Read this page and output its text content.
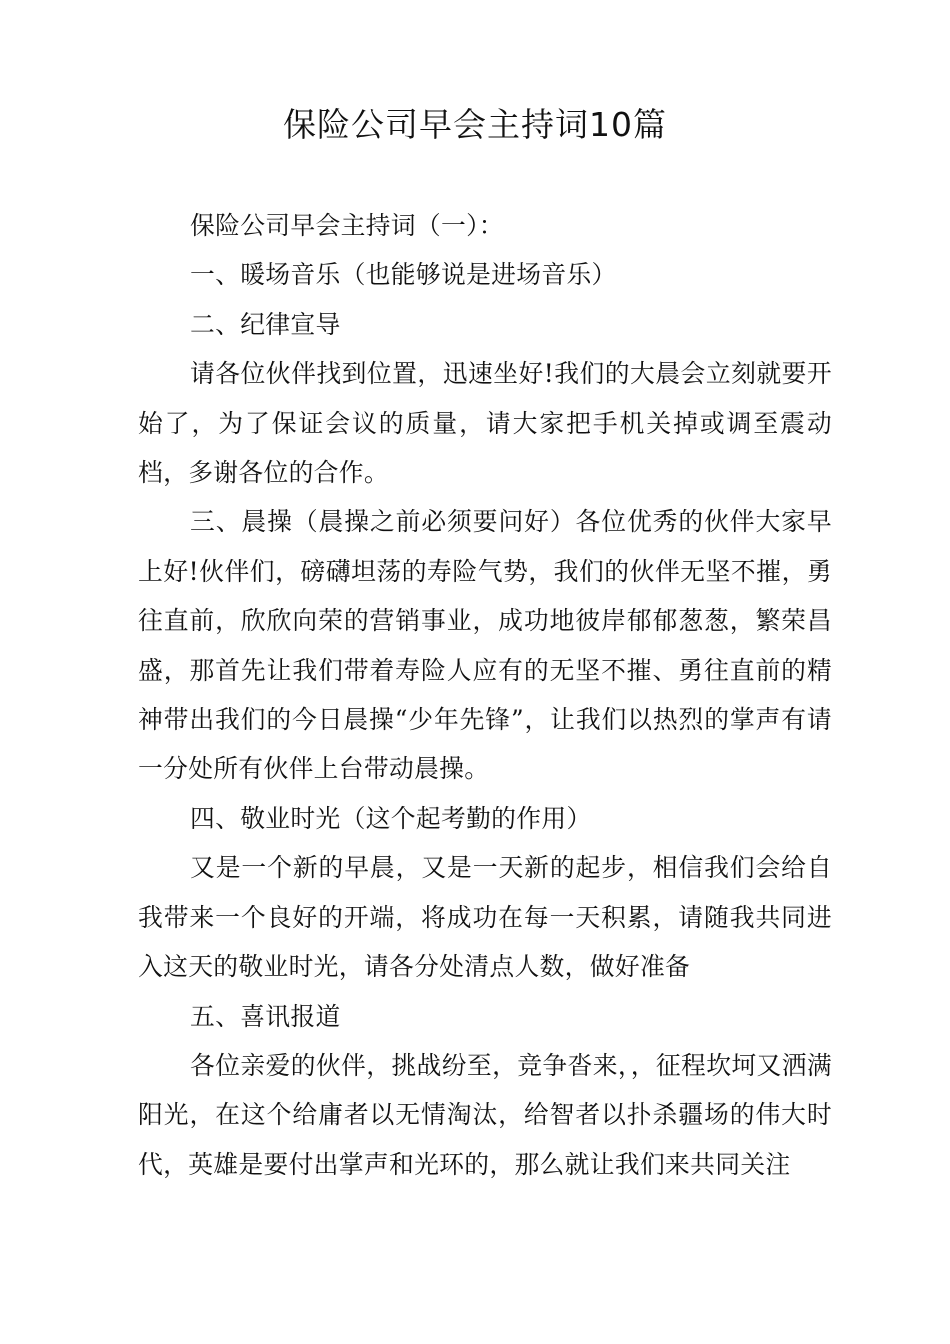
保险公司早会主持词10篇

保险公司早会主持词（一）：

一、暖场音乐（也能够说是进场音乐）

二、纪律宣导

请各位伙伴找到位置，迅速坐好!我们的大晨会立刻就要开始了，为了保证会议的质量，请大家把手机关掉或调至震动档，多谢各位的合作。

三、晨操（晨操之前必须要问好）各位优秀的伙伴大家早上好!伙伴们，磅礴坦荡的寿险气势，我们的伙伴无坚不摧，勇往直前，欣欣向荣的营销事业，成功地彼岸郁郁葱葱，繁荣昌盛，那首先让我们带着寿险人应有的无坚不摧、勇往直前的精神带出我们的今日晨操“少年先锋”，让我们以热烈的掌声有请一分处所有伙伴上台带动晨操。

四、敬业时光（这个起考勤的作用）

又是一个新的早晨，又是一天新的起步，相信我们会给自我带来一个良好的开端，将成功在每一天积累，请随我共同进入这天的敬业时光，请各分处清点人数，做好准备

五、喜讯报道

各位亲爱的伙伴，挑战纷至，竞争沓来，，征程坎坷又洒满阳光，在这个给庸者以无情淘汰，给智者以扑杀疆场的伟大时代，英雄是要付出掌声和光环的，那么就让我们来共同关注
